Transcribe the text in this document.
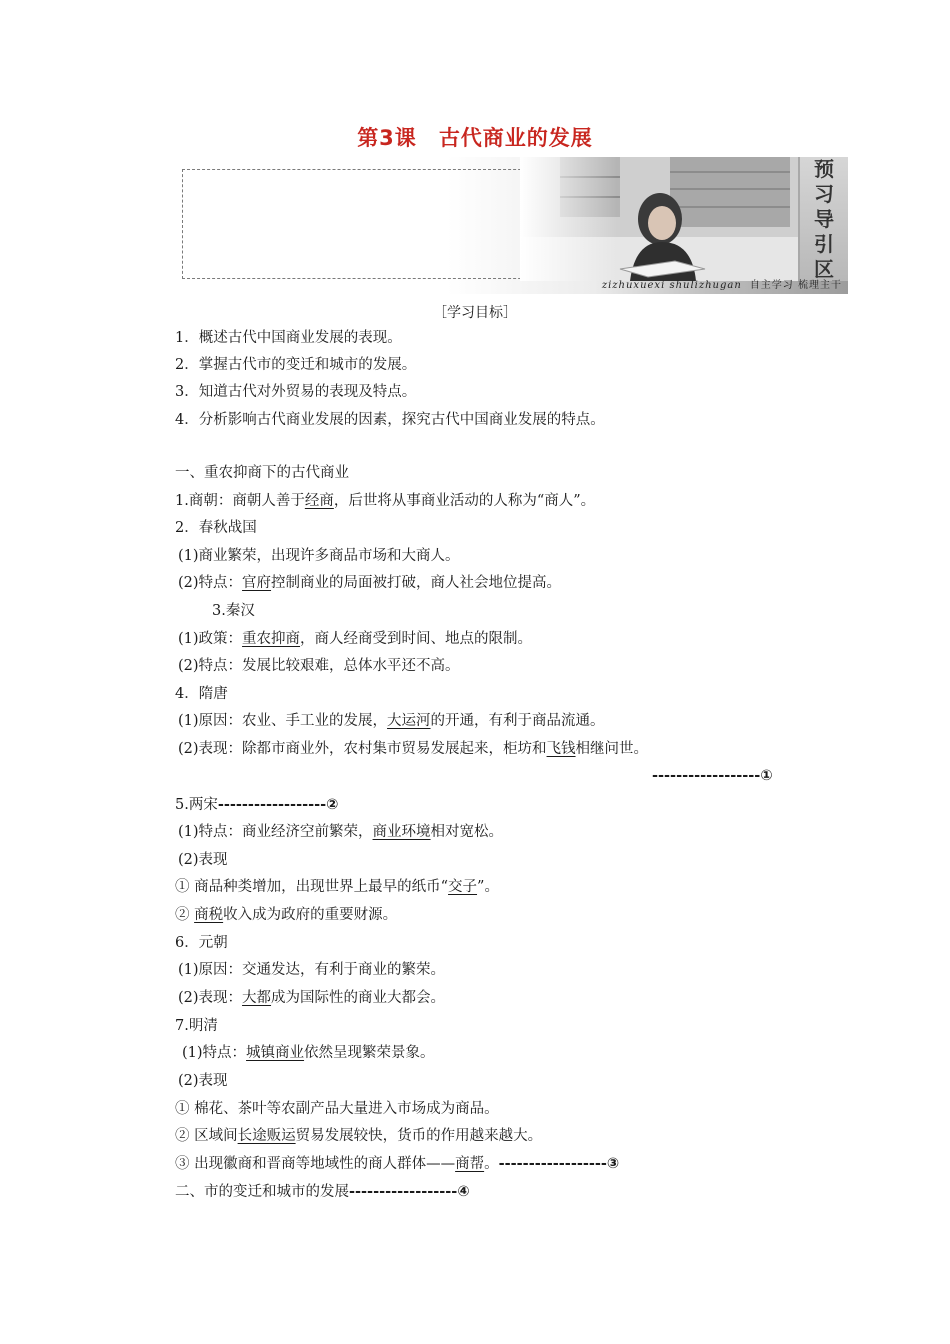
第3课 古代商业的发展
预
习
导
引
区
zizhuxuexi shulizhugan 自主学习 梳理主干
［学习目标］
1．概述古代中国商业发展的表现。
2．掌握古代市的变迁和城市的发展。
3．知道古代对外贸易的表现及特点。
4．分析影响古代商业发展的因素，探究古代中国商业发展的特点。
一、重农抑商下的古代商业
1.商朝：商朝人善于经商，后世将从事商业活动的人称为“商人”。
2．春秋战国
(1)商业繁荣，出现许多商品市场和大商人。
(2)特点：官府控制商业的局面被打破，商人社会地位提高。
3.秦汉
(1)政策：重农抑商，商人经商受到时间、地点的限制。
(2)特点：发展比较艰难，总体水平还不高。
4．隋唐
(1)原因：农业、手工业的发展，大运河的开通，有利于商品流通。
(2)表现：除都市商业外，农村集市贸易发展起来，柜坊和飞钱相继问世。
------------------①
5.两宋------------------②
(1)特点：商业经济空前繁荣，商业环境相对宽松。
(2)表现
① 商品种类增加，出现世界上最早的纸币“交子”。
② 商税收入成为政府的重要财源。
6．元朝
(1)原因：交通发达，有利于商业的繁荣。
(2)表现：大都成为国际性的商业大都会。
7.明清
(1)特点：城镇商业依然呈现繁荣景象。
(2)表现
① 棉花、茶叶等农副产品大量进入市场成为商品。
② 区域间长途贩运贸易发展较快，货币的作用越来越大。
③ 出现徽商和晋商等地域性的商人群体——商帮。------------------③
二、市的变迁和城市的发展------------------④
